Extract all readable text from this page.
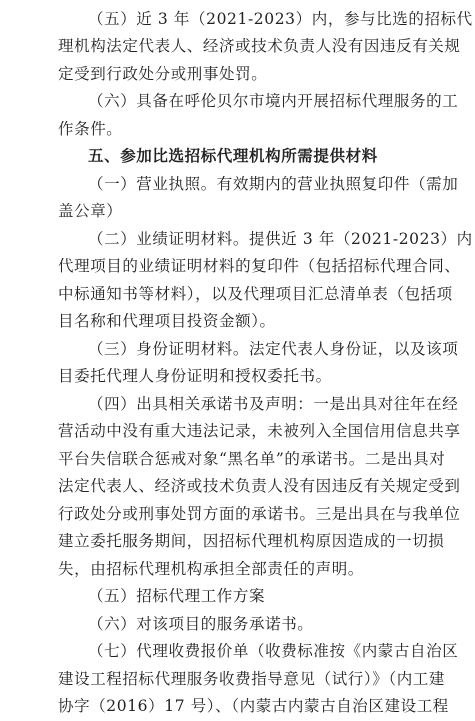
（五）近 3 年（2021-2023）内，参与比选的招标代
理机构法定代表人、经济或技术负责人没有因违反有关规
定受到行政处分或刑事处罚。
（六）具备在呼伦贝尔市境内开展招标代理服务的工
作条件。
五、参加比选招标代理机构所需提供材料
（一）营业执照。有效期内的营业执照复印件（需加
盖公章）
（二）业绩证明材料。提供近 3 年（2021-2023）内
代理项目的业绩证明材料的复印件（包括招标代理合同、
中标通知书等材料），以及代理项目汇总清单表（包括项
目名称和代理项目投资金额）。
（三）身份证明材料。法定代表人身份证，以及该项
目委托代理人身份证明和授权委托书。
（四）出具相关承诺书及声明：一是出具对往年在经
营活动中没有重大违法记录，未被列入全国信用信息共享
平台失信联合惩戒对象“黑名单”的承诺书。二是出具对
法定代表人、经济或技术负责人没有因违反有关规定受到
行政处分或刑事处罚方面的承诺书。三是出具在与我单位
建立委托服务期间，因招标代理机构原因造成的一切损
失，由招标代理机构承担全部责任的声明。
（五）招标代理工作方案
（六）对该项目的服务承诺书。
（七）代理收费报价单（收费标准按《内蒙古自治区
建设工程招标代理服务收费指导意见（试行）》（内工建
协字（2016）17 号）、（内蒙古内蒙古自治区建设工程
